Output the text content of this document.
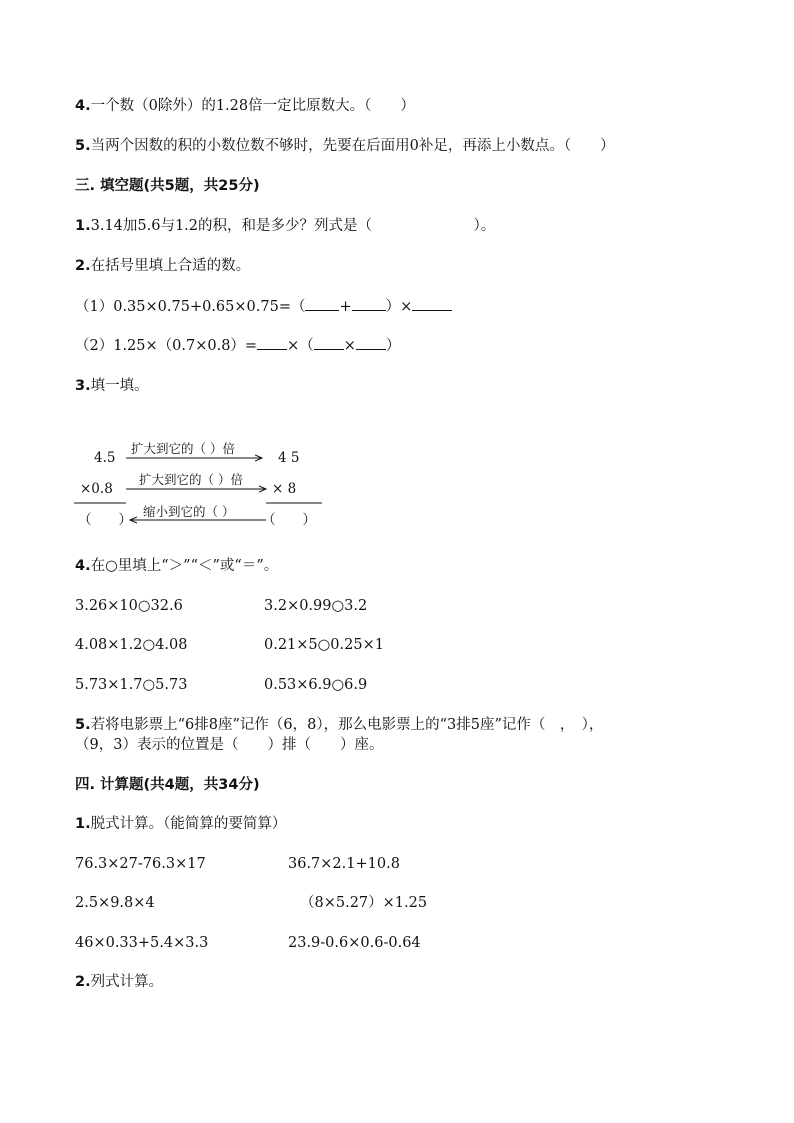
4.一个数（0除外）的1.28倍一定比原数大。（　　）
5.当两个因数的积的小数位数不够时，先要在后面用0补足，再添上小数点。（　　）
三. 填空题(共5题，共25分)
1.3.14加5.6与1.2的积，和是多少？列式是（　　　　　　　）。
2.在括号里填上合适的数。
（1）0.35×0.75+0.65×0.75=（ + ）×
（2）1.25×（0.7×0.8）= ×（ × ）
3.填一填。
4.5	4 5
×0.8	× 8
（　　）	（　　）
扩大到它的（ ）倍
扩大到它的（ ）倍
缩小到它的（ ）
4.在○里填上“＞”“＜”或“＝”。
3.26×10○32.6	3.2×0.99○3.2
4.08×1.2○4.08	0.21×5○0.25×1
5.73×1.7○5.73	0.53×6.9○6.9
5.若将电影票上“6排8座”记作（6，8），那么电影票上的“3排5座”记作（　，　），
（9，3）表示的位置是（　　）排（　　）座。
四. 计算题(共4题，共34分)
1.脱式计算。（能简算的要简算）
76.3×27-76.3×17	36.7×2.1+10.8
2.5×9.8×4	（8×5.27）×1.25
46×0.33+5.4×3.3	23.9-0.6×0.6-0.64
2.列式计算。
